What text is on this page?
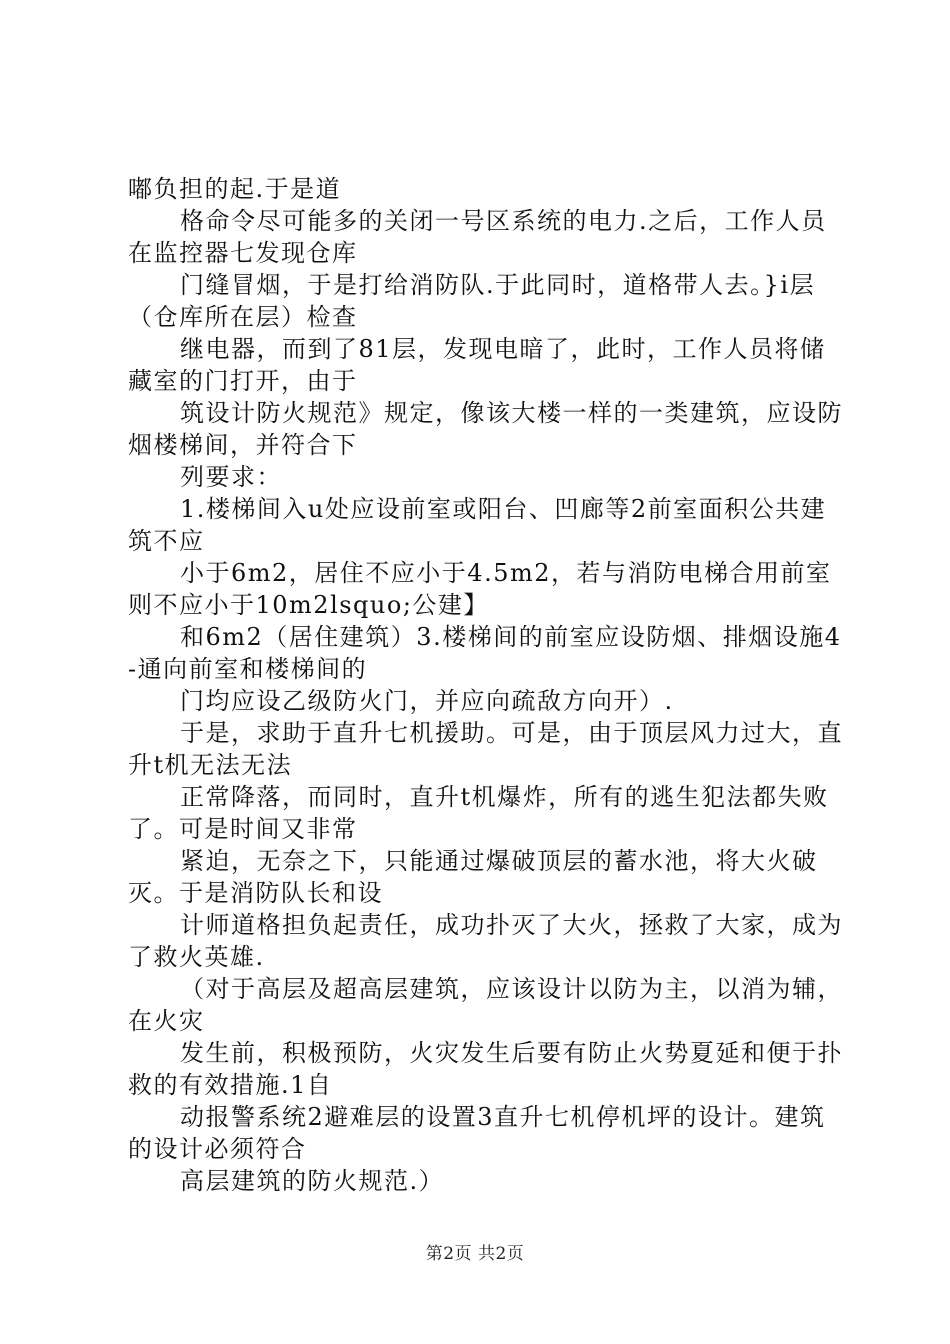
嘟负担的起.于是道

格命令尽可能多的关闭一号区系统的电力.之后，工作人员在监控器七发现仓库

门缝冒烟，于是打给消防队.于此同时，道格带人去。}i层（仓库所在层）检查

继电器，而到了81层，发现电暗了，此时，工作人员将储藏室的门打开，由于

筑设计防火规范》规定，像该大楼一样的一类建筑，应设防烟楼梯间，并符合下

列要求：

1.楼梯间入u处应设前室或阳台、凹廊等2前室面积公共建筑不应

小于6m2，居住不应小于4.5m2，若与消防电梯合用前室则不应小于10m2lsquo;公建】

和6m2（居住建筑）3.楼梯间的前室应设防烟、排烟设施4-通向前室和楼梯间的

门均应设乙级防火门，并应向疏敌方向开）.

于是，求助于直升七机援助。可是，由于顶层风力过大，直升t机无法无法

正常降落，而同时，直升t机爆炸，所有的逃生犯法都失败了。可是时间又非常

紧迫，无奈之下，只能通过爆破顶层的蓄水池，将大火破灭。于是消防队长和设

计师道格担负起责任，成功扑灭了大火，拯救了大家，成为了救火英雄.

（对于高层及超高层建筑，应该设计以防为主，以消为辅，在火灾

发生前，积极预防，火灾发生后要有防止火势夏延和便于扑救的有效措施.1自

动报警系统2避难层的设置3直升七机停机坪的设计。建筑的设计必须符合

高层建筑的防火规范.）

第2页 共2页
